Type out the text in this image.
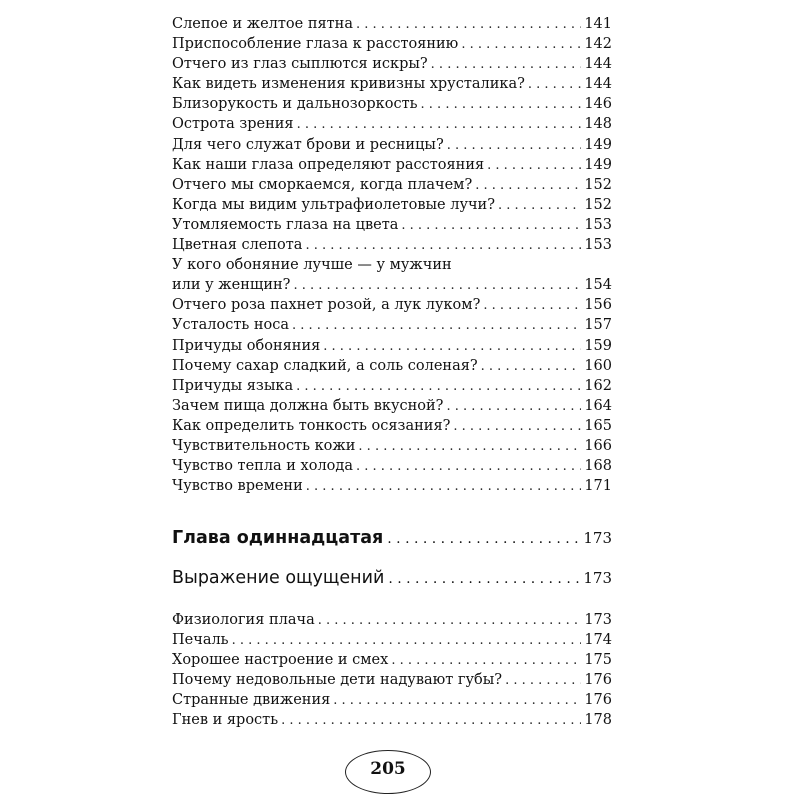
Слепое и желтое пятна . . .	141
Приспособление глаза к расстоянию . . .	142
Отчего из глаз сыплются искры? . . .	144
Как видеть изменения кривизны хрусталика? . . .	144
Близорукость и дальнозоркость . . .	146
Острота зрения . . .	148
Для чего служат брови и ресницы? . . .	149
Как наши глаза определяют расстояния . . .	149
Отчего мы сморкаемся, когда плачем? . . .	152
Когда мы видим ультрафиолетовые лучи? . . .	152
Утомляемость глаза на цвета . . .	153
Цветная слепота . . .	153
У кого обоняние лучше — у мужчин
или у женщин? . . .	154
Отчего роза пахнет розой, а лук луком? . . .	156
Усталость носа . . .	157
Причуды обоняния . . .	159
Почему сахар сладкий, а соль соленая? . . .	160
Причуды языка . . .	162
Зачем пища должна быть вкусной? . . .	164
Как определить тонкость осязания? . . .	165
Чувствительность кожи . . .	166
Чувство тепла и холода . . .	168
Чувство времени . . .	171
Глава одиннадцатая . . .	173
Выражение ощущений . . .	173
Физиология плача . . .	173
Печаль . . .	174
Хорошее настроение и смех . . .	175
Почему недовольные дети надувают губы? . . .	176
Странные движения . . .	176
Гнев и ярость . . .	178
205
